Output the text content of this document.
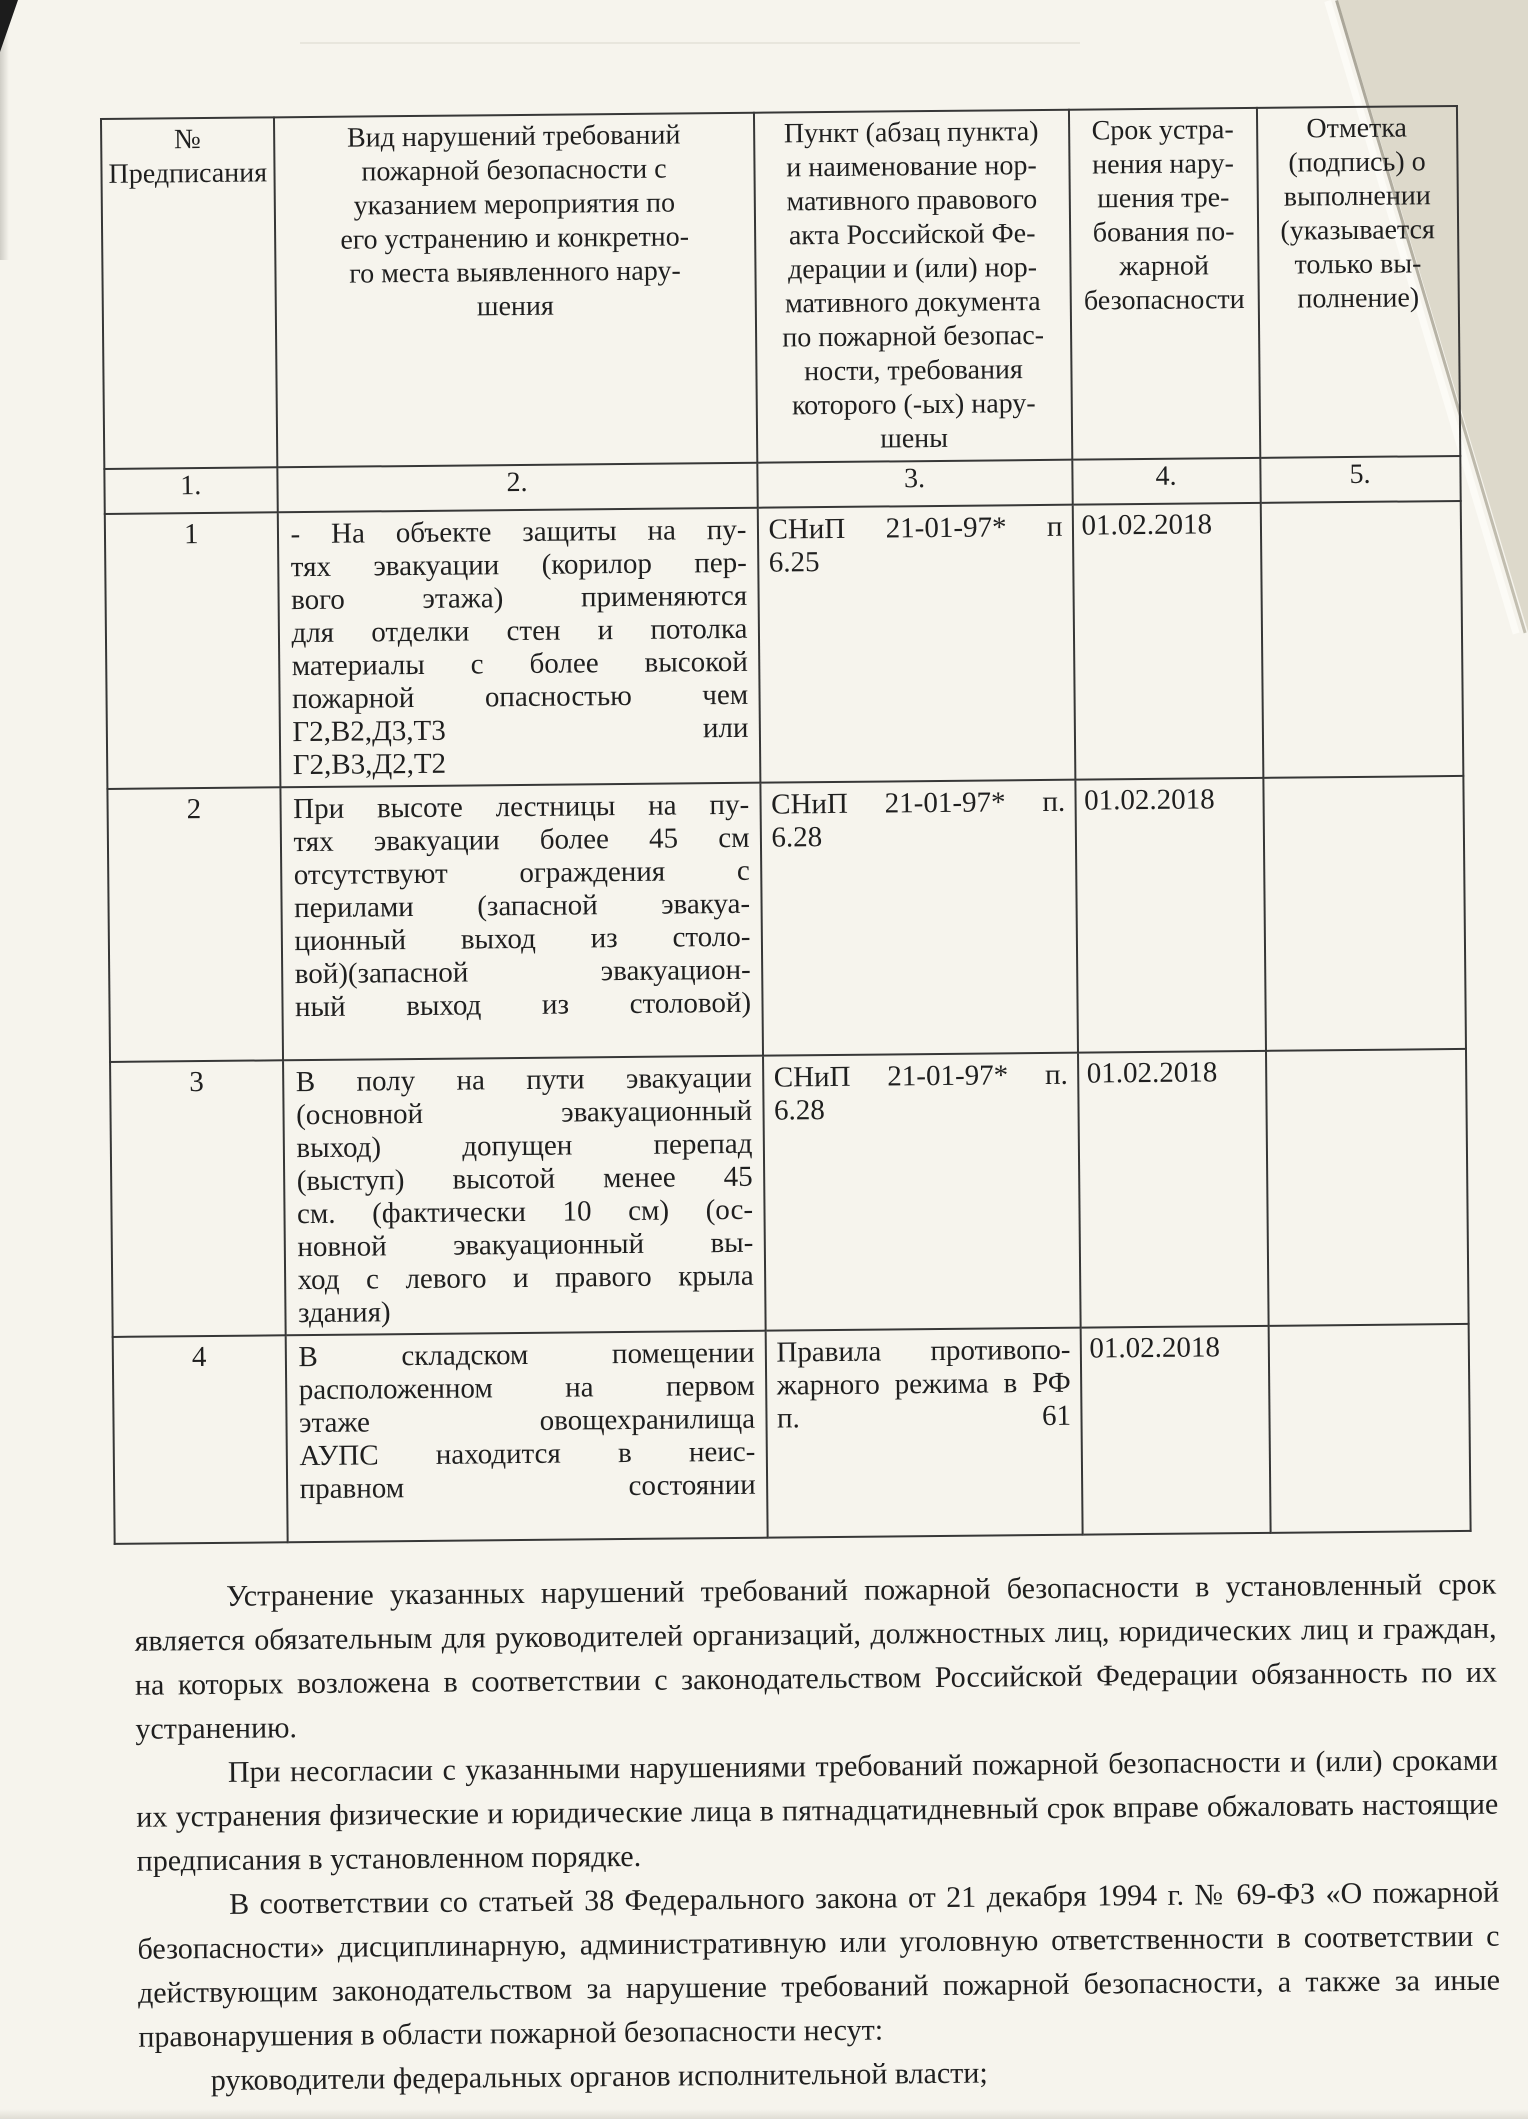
№
Предписания	Вид нарушений требований
пожарной безопасности с
указанием мероприятия по
его устранению и конкретно-
го места выявленного нару-
шения	Пункт (абзац пункта)
и наименование нор-
мативного правового
акта Российской Фе-
дерации и (или) нор-
мативного документа
по пожарной безопас-
ности, требования
которого (-ых) нару-
шены	Срок устра-
нения нару-
шения тре-
бования по-
жарной
безопасности	Отметка
(подпись) о
выполнении
(указывается
только вы-
полнение)
1.	2.	3.	4.	5.
1	- На объекте защиты на пу-
тях эвакуации (корилор пер-
вого этажа) применяются
для отделки стен и потолка
материалы с более высокой
пожарной опасностью чем
Г2,В2,Д3,Т3 или
Г2,В3,Д2,Т2	СНиП 21-01-97* п
6.25	01.02.2018	
2	При высоте лестницы на пу-
тях эвакуации более 45 см
отсутствуют ограждения с
перилами (запасной эвакуа-
ционный выход из столо-
вой)(запасной эвакуацион-
ный выход из столовой)	СНиП 21-01-97* п.
6.28	01.02.2018	
3	В полу на пути эвакуации
(основной эвакуационный
выход) допущен перепад
(выступ) высотой менее 45
см. (фактически 10 см) (ос-
новной эвакуационный вы-
ход с левого и правого крыла
здания)	СНиП 21-01-97* п.
6.28	01.02.2018	
4	В складском помещении
расположенном на первом
этаже овощехранилища
АУПС находится в неис-
правном состоянии	Правила противопо-
жарного режима в РФ
п. 61	01.02.2018	

Устранение указанных нарушений требований пожарной безопасности в установленный срок является обязательным для руководителей организаций, должностных лиц, юридических лиц и граждан, на которых возложена в соответствии с законодательством Российской Федерации обязанность по их устранению.

При несогласии с указанными нарушениями требований пожарной безопасности и (или) сроками их устранения физические и юридические лица в пятнадцатидневный срок вправе обжаловать настоящие предписания в установленном порядке.

В соответствии со статьей 38 Федерального закона от 21 декабря 1994 г. № 69-ФЗ «О пожарной безопасности» дисциплинарную, административную или уголовную ответственности в соответствии с действующим законодательством за нарушение требований пожарной безопасности, а также за иные правонарушения в области пожарной безопасности несут:

руководители федеральных органов исполнительной власти;
